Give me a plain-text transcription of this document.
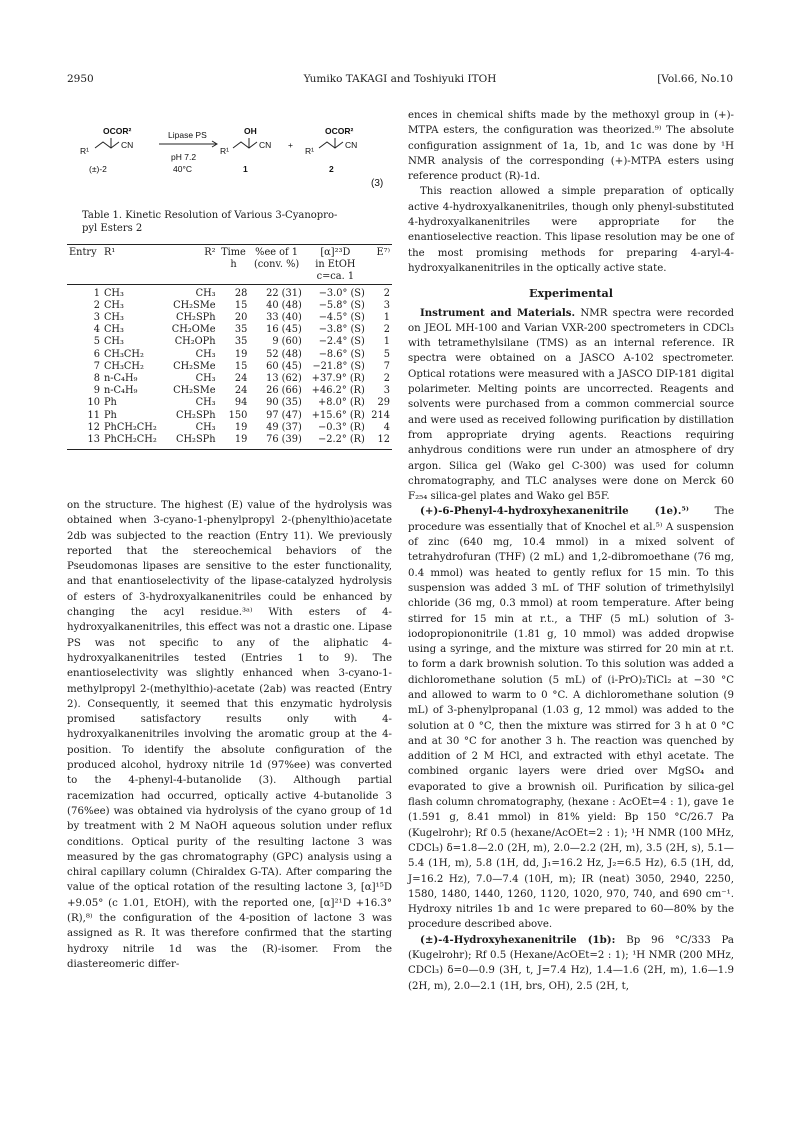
2950	Yumiko TAKAGI and Toshiyuki ITOH	[Vol.66, No.10
OCOR²
R¹
CN
(±)-2
Lipase PS
pH 7.2
40°C
OH
R¹
CN
1
+
OCOR²
R¹
CN
2
(3)
Table 1. Kinetic Resolution of Various 3-Cyanopro-
pyl Esters 2
Entry	R¹	R²	Time	%ee of 1	[α]²³D	E⁷⁾
			h	(conv. %)	in EtOH	
					c=ca. 1	
1	CH₃	CH₃	28	22 (31)	−3.0° (S)	2
2	CH₃	CH₂SMe	15	40 (48)	−5.8° (S)	3
3	CH₃	CH₂SPh	20	33 (40)	−4.5° (S)	1
4	CH₃	CH₂OMe	35	16 (45)	−3.8° (S)	2
5	CH₃	CH₂OPh	35	9 (60)	−2.4° (S)	1
6	CH₃CH₂	CH₃	19	52 (48)	−8.6° (S)	5
7	CH₃CH₂	CH₂SMe	15	60 (45)	−21.8° (S)	7
8	n-C₄H₉	CH₃	24	13 (62)	+37.9° (R)	2
9	n-C₄H₉	CH₂SMe	24	26 (66)	+46.2° (R)	3
10	Ph	CH₃	94	90 (35)	+8.0° (R)	29
11	Ph	CH₂SPh	150	97 (47)	+15.6° (R)	214
12	PhCH₂CH₂	CH₃	19	49 (37)	−0.3° (R)	4
13	PhCH₂CH₂	CH₂SPh	19	76 (39)	−2.2° (R)	12

on the structure. The highest (E) value of the hydrolysis was obtained when 3-cyano-1-phenylpropyl 2-(phenylthio)acetate 2db was subjected to the reaction (Entry 11). We previously reported that the stereochemical behaviors of the Pseudomonas lipases are sensitive to the ester functionality, and that enantioselectivity of the lipase-catalyzed hydrolysis of esters of 3-hydroxyalkanenitriles could be enhanced by changing the acyl residue.³ᵃ⁾ With esters of 4-hydroxyalkanenitriles, this effect was not a drastic one. Lipase PS was not specific to any of the aliphatic 4-hydroxyalkanenitriles tested (Entries 1 to 9). The enantioselectivity was slightly enhanced when 3-cyano-1-methylpropyl 2-(methylthio)-acetate (2ab) was reacted (Entry 2). Consequently, it seemed that this enzymatic hydrolysis promised satisfactory results only with 4-hydroxyalkanenitriles involving the aromatic group at the 4-position. To identify the absolute configuration of the produced alcohol, hydroxy nitrile 1d (97%ee) was converted to the 4-phenyl-4-butanolide (3). Although partial racemization had occurred, optically active 4-butanolide 3 (76%ee) was obtained via hydrolysis of the cyano group of 1d by treatment with 2 M NaOH aqueous solution under reflux conditions. Optical purity of the resulting lactone 3 was measured by the gas chromatography (GPC) analysis using a chiral capillary column (Chiraldex G-TA). After comparing the value of the optical rotation of the resulting lactone 3, [α]¹⁵D +9.05° (c 1.01, EtOH), with the reported one, [α]²¹D +16.3° (R),⁸⁾ the configuration of the 4-position of lactone 3 was assigned as R. It was therefore confirmed that the starting hydroxy nitrile 1d was the (R)-isomer. From the diastereomeric differ-

ences in chemical shifts made by the methoxyl group in (+)-MTPA esters, the configuration was theorized.⁹⁾ The absolute configuration assignment of 1a, 1b, and 1c was done by ¹H NMR analysis of the corresponding (+)-MTPA esters using reference product (R)-1d.

This reaction allowed a simple preparation of optically active 4-hydroxyalkanenitriles, though only phenyl-substituted 4-hydroxyalkanenitriles were appropriate for the enantioselective reaction. This lipase resolution may be one of the most promising methods for preparing 4-aryl-4-hydroxyalkanenitriles in the optically active state.

Experimental

Instrument and Materials. NMR spectra were recorded on JEOL MH-100 and Varian VXR-200 spectrometers in CDCl₃ with tetramethylsilane (TMS) as an internal reference. IR spectra were obtained on a JASCO A-102 spectrometer. Optical rotations were measured with a JASCO DIP-181 digital polarimeter. Melting points are uncorrected. Reagents and solvents were purchased from a common commercial source and were used as received following purification by distillation from appropriate drying agents. Reactions requiring anhydrous conditions were run under an atmosphere of dry argon. Silica gel (Wako gel C-300) was used for column chromatography, and TLC analyses were done on Merck 60 F₂₅₄ silica-gel plates and Wako gel B5F.

(+)-6-Phenyl-4-hydroxyhexanenitrile (1e).⁵⁾	The procedure was essentially that of Knochel et al.⁵⁾ A suspension of zinc (640 mg, 10.4 mmol) in a mixed solvent of tetrahydrofuran (THF) (2 mL) and 1,2-dibromoethane (76 mg, 0.4 mmol) was heated to gently reflux for 15 min. To this suspension was added 3 mL of THF solution of trimethylsilyl chloride (36 mg, 0.3 mmol) at room temperature. After being stirred for 15 min at r.t., a THF (5 mL) solution of 3-iodopropiononitrile (1.81 g, 10 mmol) was added dropwise using a syringe, and the mixture was stirred for 20 min at r.t. to form a dark brownish solution. To this solution was added a dichloromethane solution (5 mL) of (i-PrO)₂TiCl₂ at −30 °C and allowed to warm to 0 °C. A dichloromethane solution (9 mL) of 3-phenylpropanal (1.03 g, 12 mmol) was added to the solution at 0 °C, then the mixture was stirred for 3 h at 0 °C and at 30 °C for another 3 h. The reaction was quenched by addition of 2 M HCl, and extracted with ethyl acetate. The combined organic layers were dried over MgSO₄ and evaporated to give a brownish oil. Purification by silica-gel flash column chromatography, (hexane : AcOEt=4 : 1), gave 1e (1.591 g, 8.41 mmol) in 81% yield: Bp 150 °C/26.7 Pa (Kugelrohr); Rf 0.5 (hexane/AcOEt=2 : 1); ¹H NMR (100 MHz, CDCl₃) δ=1.8—2.0 (2H, m), 2.0—2.2 (2H, m), 3.5 (2H, s), 5.1—5.4 (1H, m), 5.8 (1H, dd, J₁=16.2 Hz, J₂=6.5 Hz), 6.5 (1H, dd, J=16.2 Hz), 7.0—7.4 (10H, m); IR (neat) 3050, 2940, 2250, 1580, 1480, 1440, 1260, 1120, 1020, 970, 740, and 690 cm⁻¹. Hydroxy nitriles 1b and 1c were prepared to 60—80% by the procedure described above.

(±)-4-Hydroxyhexanenitrile (1b): Bp 96 °C/333 Pa (Kugelrohr); Rf 0.5 (Hexane/AcOEt=2 : 1); ¹H NMR (200 MHz, CDCl₃) δ=0—0.9 (3H, t, J=7.4 Hz), 1.4—1.6 (2H, m), 1.6—1.9 (2H, m), 2.0—2.1 (1H, brs, OH), 2.5 (2H, t,
